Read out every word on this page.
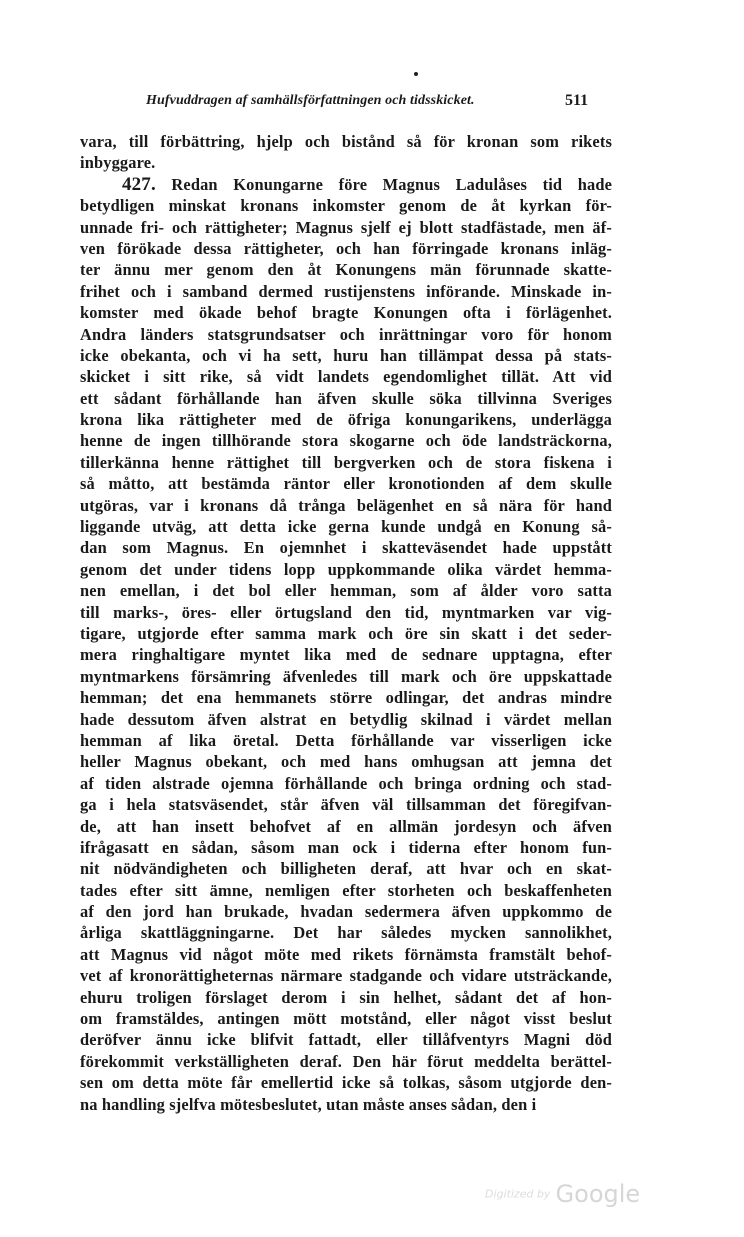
Hufvuddragen af samhällsförfattningen och tidsskicket.	511
vara, till förbättring, hjelp och bistånd så för kronan som rikets
inbyggare.
427. Redan Konungarne före Magnus Ladulåses tid hade
betydligen minskat kronans inkomster genom de åt kyrkan för-
unnade fri- och rättigheter; Magnus sjelf ej blott stadfästade, men äf-
ven förökade dessa rättigheter, och han förringade kronans inläg-
ter ännu mer genom den åt Konungens män förunnade skatte-
frihet och i samband dermed rustijenstens införande. Minskade in-
komster med ökade behof bragte Konungen ofta i förlägenhet.
Andra länders statsgrundsatser och inrättningar voro för honom
icke obekanta, och vi ha sett, huru han tillämpat dessa på stats-
skicket i sitt rike, så vidt landets egendomlighet tillät. Att vid
ett sådant förhållande han äfven skulle söka tillvinna Sveriges
krona lika rättigheter med de öfriga konungarikens, underlägga
henne de ingen tillhörande stora skogarne och öde landsträckorna,
tillerkänna henne rättighet till bergverken och de stora fiskena i
så måtto, att bestämda räntor eller kronotionden af dem skulle
utgöras, var i kronans då trånga belägenhet en så nära för hand
liggande utväg, att detta icke gerna kunde undgå en Konung så-
dan som Magnus. En ojemnhet i skatteväsendet hade uppstått
genom det under tidens lopp uppkommande olika värdet hemma-
nen emellan, i det bol eller hemman, som af ålder voro satta
till marks-, öres- eller örtugsland den tid, myntmarken var vig-
tigare, utgjorde efter samma mark och öre sin skatt i det seder-
mera ringhaltigare myntet lika med de sednare upptagna, efter
myntmarkens försämring äfvenledes till mark och öre uppskattade
hemman; det ena hemmanets större odlingar, det andras mindre
hade dessutom äfven alstrat en betydlig skilnad i värdet mellan
hemman af lika öretal. Detta förhållande var visserligen icke
heller Magnus obekant, och med hans omhugsan att jemna det
af tiden alstrade ojemna förhållande och bringa ordning och stad-
ga i hela statsväsendet, står äfven väl tillsamman det föregifvan-
de, att han insett behofvet af en allmän jordesyn och äfven
ifrågasatt en sådan, såsom man ock i tiderna efter honom fun-
nit nödvändigheten och billigheten deraf, att hvar och en skat-
tades efter sitt ämne, nemligen efter storheten och beskaffenheten
af den jord han brukade, hvadan sedermera äfven uppkommo de
årliga skattläggningarne. Det har således mycken sannolikhet,
att Magnus vid något möte med rikets förnämsta framstält behof-
vet af kronorättigheternas närmare stadgande och vidare utsträckande,
ehuru troligen förslaget derom i sin helhet, sådant det af hon-
om framstäldes, antingen mött motstånd, eller något visst beslut
deröfver ännu icke blifvit fattadt, eller tillåfventyrs Magni död
förekommit verkställigheten deraf. Den här förut meddelta berättel-
sen om detta möte får emellertid icke så tolkas, såsom utgjorde den-
na handling sjelfva mötesbeslutet, utan måste anses sådan, den i
Digitized by Google
